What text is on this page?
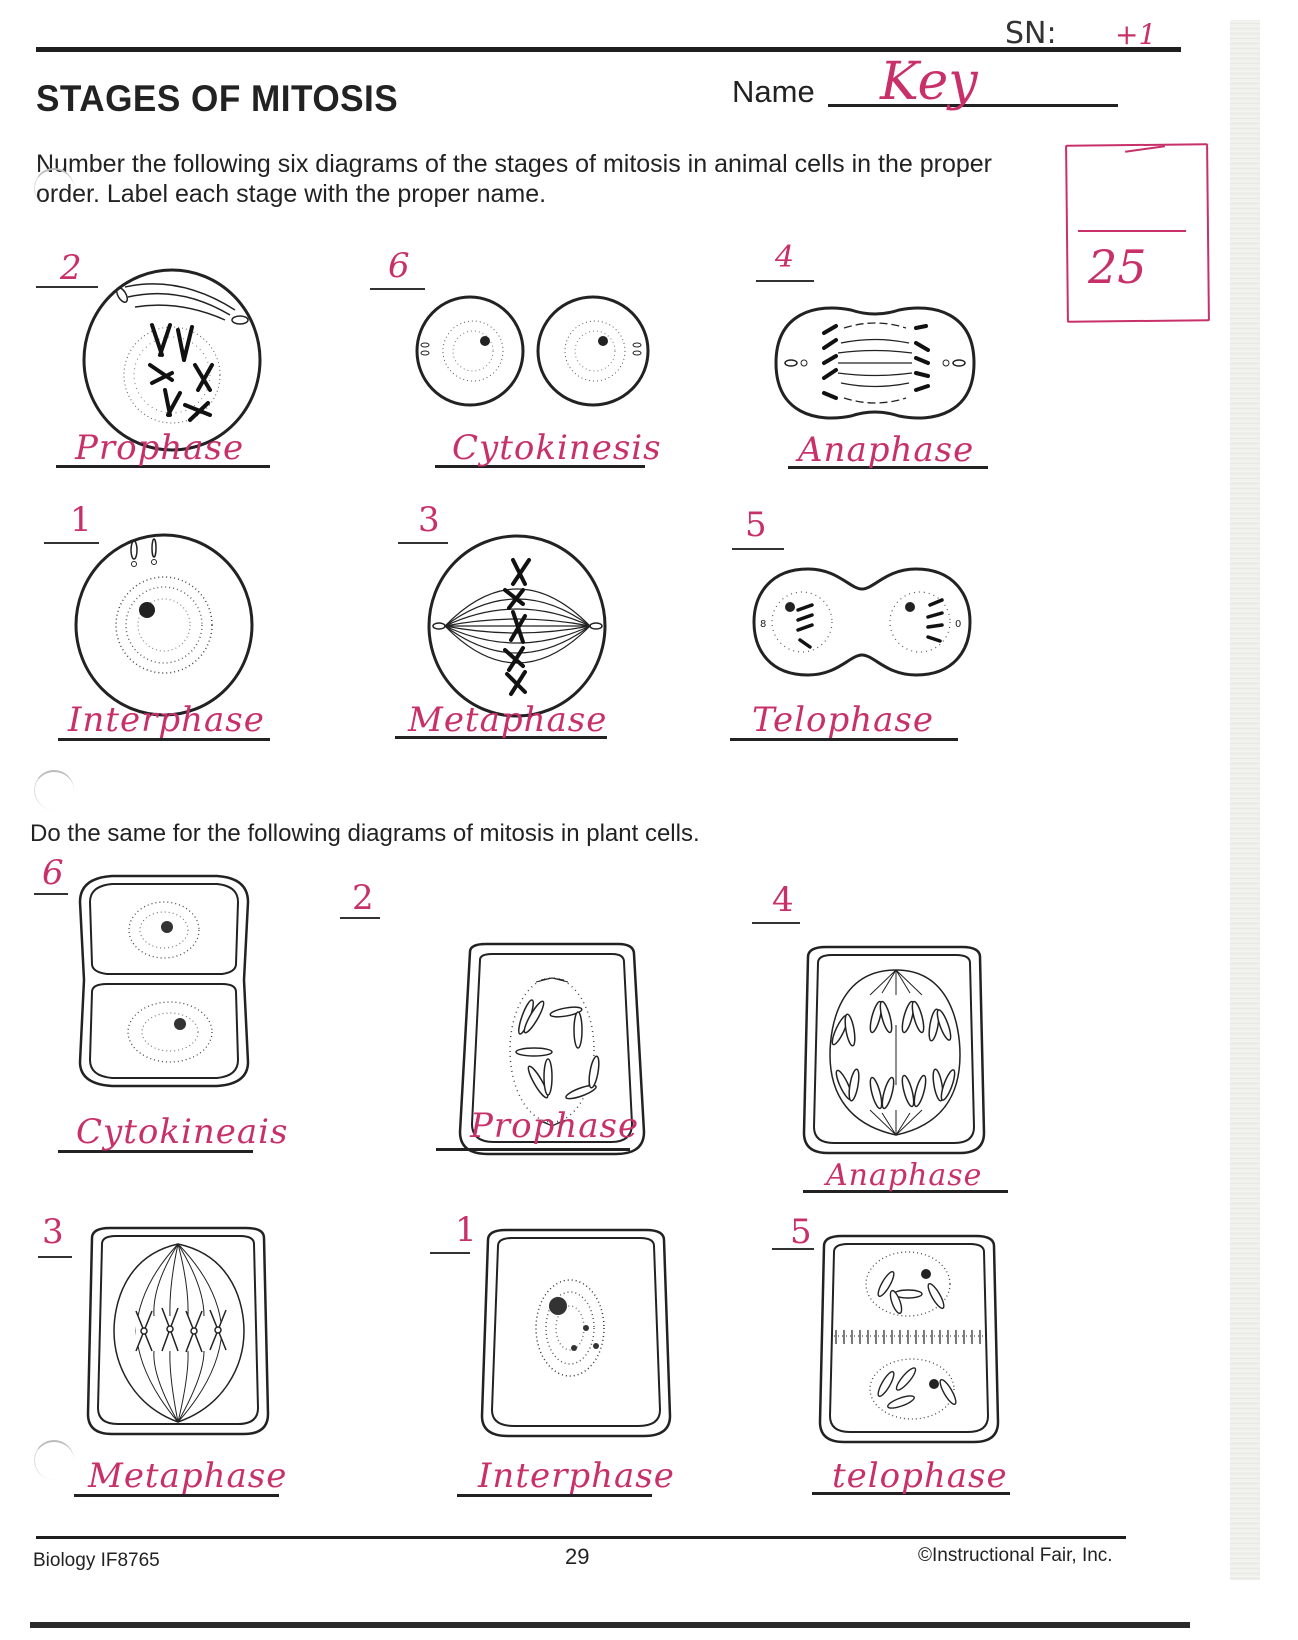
SN: +1
STAGES OF MITOSIS	Name Key
25
Number the following six diagrams of the stages of mitosis in animal cells in the proper
order. Label each stage with the proper name.
2
Prophase
6
Cytokinesis
4
Anaphase
1
Interphase
3
Metaphase
5
8	0
Telophase
Do the same for the following diagrams of mitosis in plant cells.
6
Cytokineais
2
Prophase
4
Anaphase
3
Metaphase
1
Interphase
5
telophase
Biology IF8765	29	©Instructional Fair, Inc.
